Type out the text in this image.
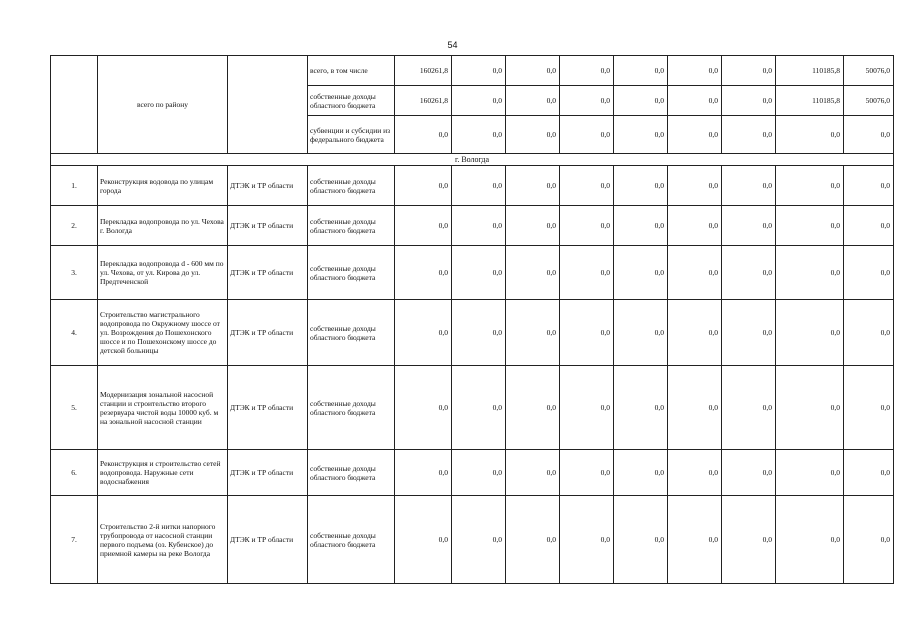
54
	всего по району		всего, в том числе	160261,8	0,0	0,0	0,0	0,0	0,0	0,0	110185,8	50076,0
			собственные доходы областного бюджета	160261,8	0,0	0,0	0,0	0,0	0,0	0,0	110185,8	50076,0
			субвенции и субсидии из федерального бюджета	0,0	0,0	0,0	0,0	0,0	0,0	0,0	0,0	0,0
г. Вологда												
1.	Реконструкция водовода по улицам города	ДТЭК и ТР области	собственные доходы областного бюджета	0,0	0,0	0,0	0,0	0,0	0,0	0,0	0,0	0,0
2.	Перекладка водопровода по ул. Чехова г. Вологда	ДТЭК и ТР области	собственные доходы областного бюджета	0,0	0,0	0,0	0,0	0,0	0,0	0,0	0,0	0,0
3.	Перекладка водопровода d - 600 мм по ул. Чехова, от ул. Кирова до ул. Предтеченской	ДТЭК и ТР области	собственные доходы областного бюджета	0,0	0,0	0,0	0,0	0,0	0,0	0,0	0,0	0,0
4.	Строительство магистрального водопровода по Окружному шоссе от ул. Возрождения до Пошехонского шоссе и по Пошехонскому шоссе до детской больницы	ДТЭК и ТР области	собственные доходы областного бюджета	0,0	0,0	0,0	0,0	0,0	0,0	0,0	0,0	0,0
5.	Модернизация зональной насосной станции и строительство второго резервуара чистой воды 10000 куб. м на зональной насосной станции	ДТЭК и ТР области	собственные доходы областного бюджета	0,0	0,0	0,0	0,0	0,0	0,0	0,0	0,0	0,0
6.	Реконструкция и строительство сетей водопровода. Наружные сети водоснабжения	ДТЭК и ТР области	собственные доходы областного бюджета	0,0	0,0	0,0	0,0	0,0	0,0	0,0	0,0	0,0
7.	Строительство 2-й нитки напорного трубопровода от насосной станции первого подъема (оз. Кубенское) до приемной камеры на реке Вологда	ДТЭК и ТР области	собственные доходы областного бюджета	0,0	0,0	0,0	0,0	0,0	0,0	0,0	0,0	0,0
